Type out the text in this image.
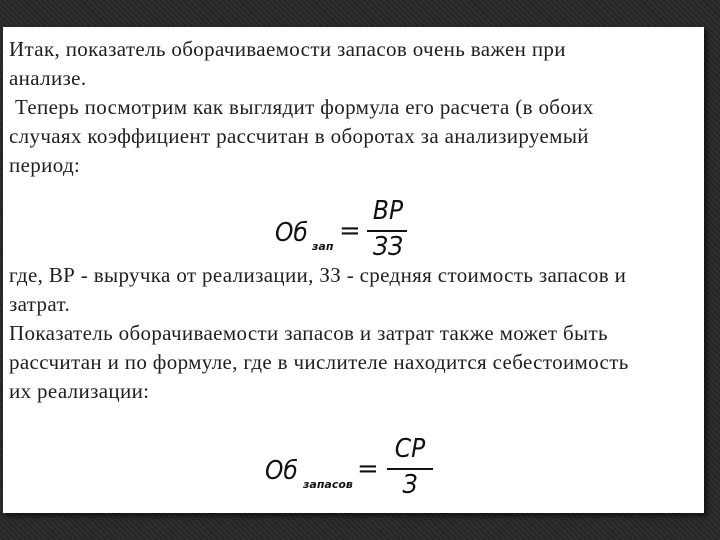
Итак, показатель оборачиваемости запасов очень важен при
анализе.
Теперь посмотрим как выглядит формула его расчета (в обоих
случаях коэффициент рассчитан в оборотах за анализируемый
период:
Об зап
=
ВР
ЗЗ
где, ВР - выручка от реализации, ЗЗ - средняя стоимость запасов и
затрат.
Показатель оборачиваемости запасов и затрат также может быть
рассчитан и по формуле, где в числителе находится себестоимость
их реализации:
Об запасов
=
СР
З
